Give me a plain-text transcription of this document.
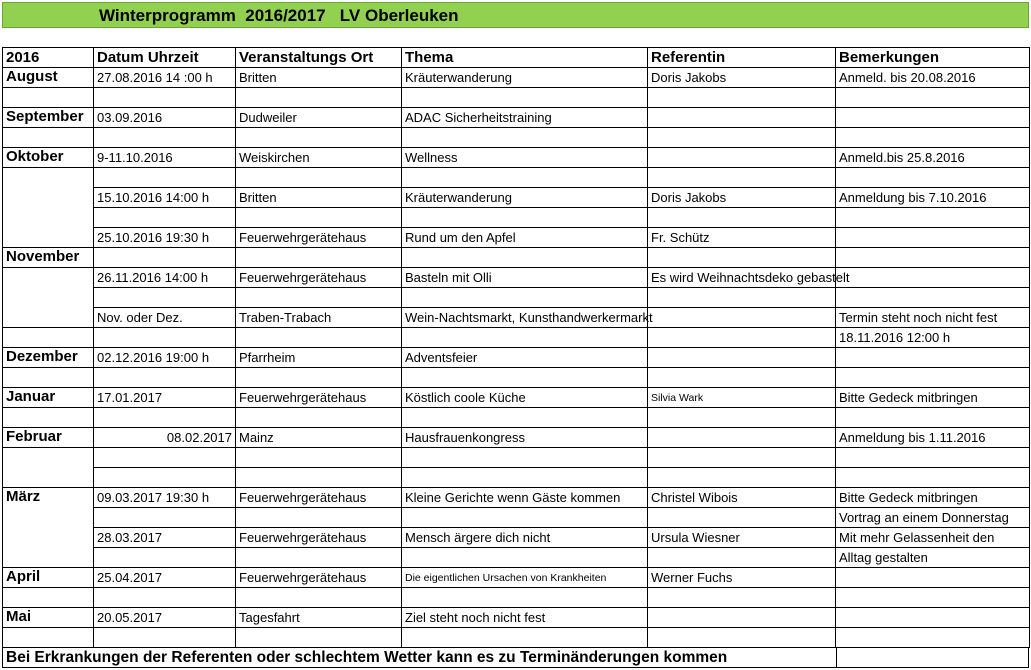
Winterprogramm  2016/2017   LV Oberleuken
2016	Datum Uhrzeit	Veranstaltungs Ort	Thema	Referentin	Bemerkungen
August	27.08.2016 14 :00 h	Britten	Kräuterwanderung	Doris Jakobs	Anmeld. bis 20.08.2016

September	03.09.2016	Dudweiler	ADAC Sicherheitstraining		

Oktober	9-11.10.2016	Weiskirchen	Wellness		Anmeld.bis 25.8.2016

	15.10.2016 14:00 h	Britten	Kräuterwanderung	Doris Jakobs	Anmeldung bis 7.10.2016

	25.10.2016 19:30 h	Feuerwehrgerätehaus	Rund um den Apfel	Fr. Schütz	
November					
	26.11.2016 14:00 h	Feuerwehrgerätehaus	Basteln mit Olli	Es wird Weihnachtsdeko gebastelt	

	Nov. oder Dez.	Traben-Trabach	Wein-Nachtsmarkt, Kunsthandwerkermarkt		Termin steht noch nicht fest
					18.11.2016 12:00 h
Dezember	02.12.2016 19:00 h	Pfarrheim	Adventsfeier		

Januar	17.01.2017	Feuerwehrgerätehaus	Köstlich coole Küche	Silvia Wark	Bitte Gedeck mitbringen

Februar	08.02.2017	Mainz	Hausfrauenkongress		Anmeldung bis 1.11.2016

März	09.03.2017 19:30 h	Feuerwehrgerätehaus	Kleine Gerichte wenn Gäste kommen	Christel Wibois	Bitte Gedeck mitbringen
					Vortrag an einem Donnerstag
	28.03.2017	Feuerwehrgerätehaus	Mensch ärgere dich nicht	Ursula Wiesner	Mit mehr Gelassenheit den
					Alltag gestalten
April	25.04.2017	Feuerwehrgerätehaus	Die eigentlichen Ursachen von Krankheiten	Werner Fuchs	

Mai	20.05.2017	Tagesfahrt	Ziel steht noch nicht fest		

Bei Erkrankungen der Referenten oder schlechtem Wetter kann es zu Terminänderungen kommen
